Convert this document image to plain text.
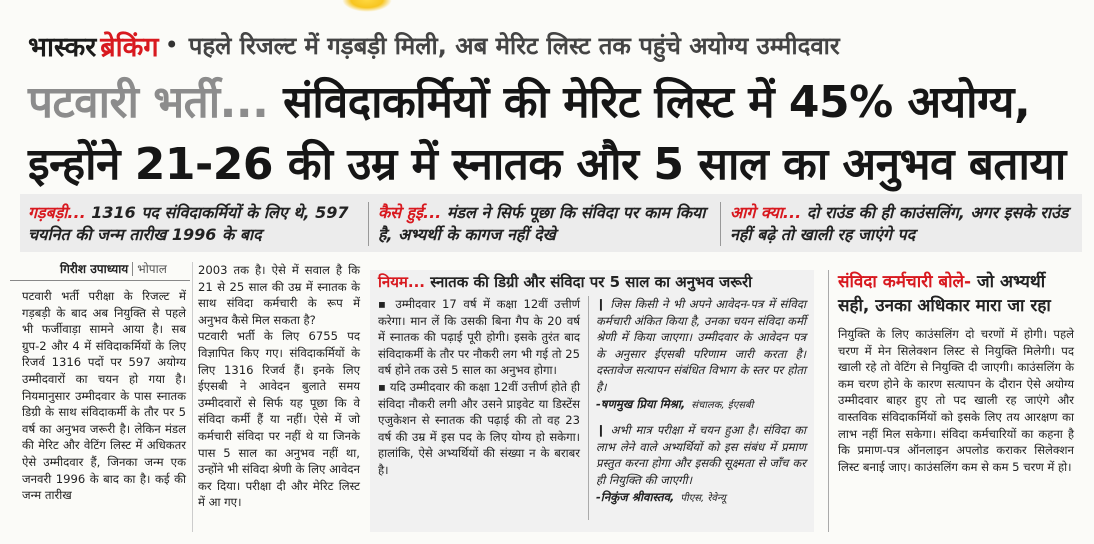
भास्कर ब्रेकिंग • पहले रिजल्ट में गड़बड़ी मिली, अब मेरिट लिस्ट तक पहुंचे अयोग्य उम्मीदवार
पटवारी भर्ती... संविदाकर्मियों की मेरिट लिस्ट में 45% अयोग्य,
इन्होंने 21-26 की उम्र में स्नातक और 5 साल का अनुभव बताया
गड़बड़ी... 1316 पद संविदाकर्मियों के लिए थे, 597 चयनित की जन्म तारीख 1996 के बाद
कैसे हुई... मंडल ने सिर्फ पूछा कि संविदा पर काम किया है, अभ्यर्थी के कागज नहीं देखे
आगे क्या... दो राउंड की ही काउंसलिंग, अगर इसके राउंड नहीं बढ़े तो खाली रह जाएंगे पद
गिरीश उपाध्याय भोपाल

पटवारी भर्ती परीक्षा के रिजल्ट में गड़बड़ी के बाद अब नियुक्ति से पहले भी फर्जीवाड़ा सामने आया है। सब ग्रुप-2 और 4 में संविदाकर्मियों के लिए रिजर्व 1316 पदों पर 597 अयोग्य उम्मीदवारों का चयन हो गया है। नियमानुसार उम्मीदवार के पास स्नातक डिग्री के साथ संविदाकर्मी के तौर पर 5 वर्ष का अनुभव जरूरी है। लेकिन मंडल की मेरिट और वेटिंग लिस्ट में अधिकतर ऐसे उम्मीदवार हैं, जिनका जन्म एक जनवरी 1996 के बाद का है। कई की जन्म तारीख

2003 तक है। ऐसे में सवाल है कि 21 से 25 साल की उम्र में स्नातक के साथ संविदा कर्मचारी के रूप में अनुभव कैसे मिल सकता है?

पटवारी भर्ती के लिए 6755 पद विज्ञापित किए गए। संविदाकर्मियों के लिए 1316 रिजर्व हैं। इनके लिए ईएसबी ने आवेदन बुलाते समय उम्मीदवारों से सिर्फ यह पूछा कि वे संविदा कर्मी हैं या नहीं। ऐसे में जो कर्मचारी संविदा पर नहीं थे या जिनके पास 5 साल का अनुभव नहीं था, उन्होंने भी संविदा श्रेणी के लिए आवेदन कर दिया। परीक्षा दी और मेरिट लिस्ट में आ गए।

नियम... स्नातक की डिग्री और संविदा पर 5 साल का अनुभव जरूरी

▪ उम्मीदवार 17 वर्ष में कक्षा 12वीं उत्तीर्ण करेगा। मान लें कि उसकी बिना गैप के 20 वर्ष में स्नातक की पढ़ाई पूरी होगी। इसके तुरंत बाद संविदाकर्मी के तौर पर नौकरी लग भी गई तो 25 वर्ष होने तक उसे 5 साल का अनुभव होगा।

▪ यदि उम्मीदवार की कक्षा 12वीं उत्तीर्ण होते ही संविदा नौकरी लगी और उसने प्राइवेट या डिस्टेंस एजुकेशन से स्नातक की पढ़ाई की तो वह 23 वर्ष की उम्र में इस पद के लिए योग्य हो सकेगा। हालांकि, ऐसे अभ्यर्थियों की संख्या न के बराबर है।

❙ जिस किसी ने भी अपने आवेदन-पत्र में संविदा कर्मचारी अंकित किया है, उनका चयन संविदा कर्मी श्रेणी में किया जाएगा। उम्मीदवार के आवेदन पत्र के अनुसार ईएसबी परिणाम जारी करता है। दस्तावेज सत्यापन संबंधित विभाग के स्तर पर होता है।

-षणमुख प्रिया मिश्रा, संचालक, ईएसबी

❙ अभी मात्र परीक्षा में चयन हुआ है। संविदा का लाभ लेने वाले अभ्यर्थियों को इस संबंध में प्रमाण प्रस्तुत करना होगा और इसकी सूक्ष्मता से जाँच कर ही नियुक्ति की जाएगी।

-निकुंज श्रीवास्तव, पीएस, रेवेन्यू

संविदा कर्मचारी बोले- जो अभ्यर्थी सही, उनका अधिकार मारा जा रहा

नियुक्ति के लिए काउंसलिंग दो चरणों में होगी। पहले चरण में मेन सिलेक्शन लिस्ट से नियुक्ति मिलेगी। पद खाली रहे तो वेटिंग से नियुक्ति दी जाएगी। काउंसलिंग के कम चरण होने के कारण सत्यापन के दौरान ऐसे अयोग्य उम्मीदवार बाहर हुए तो पद खाली रह जाएंगे और वास्तविक संविदाकर्मियों को इसके लिए तय आरक्षण का लाभ नहीं मिल सकेगा। संविदा कर्मचारियों का कहना है कि प्रमाण-पत्र ऑनलाइन अपलोड कराकर सिलेक्शन लिस्ट बनाई जाए। काउंसलिंग कम से कम 5 चरण में हो।
